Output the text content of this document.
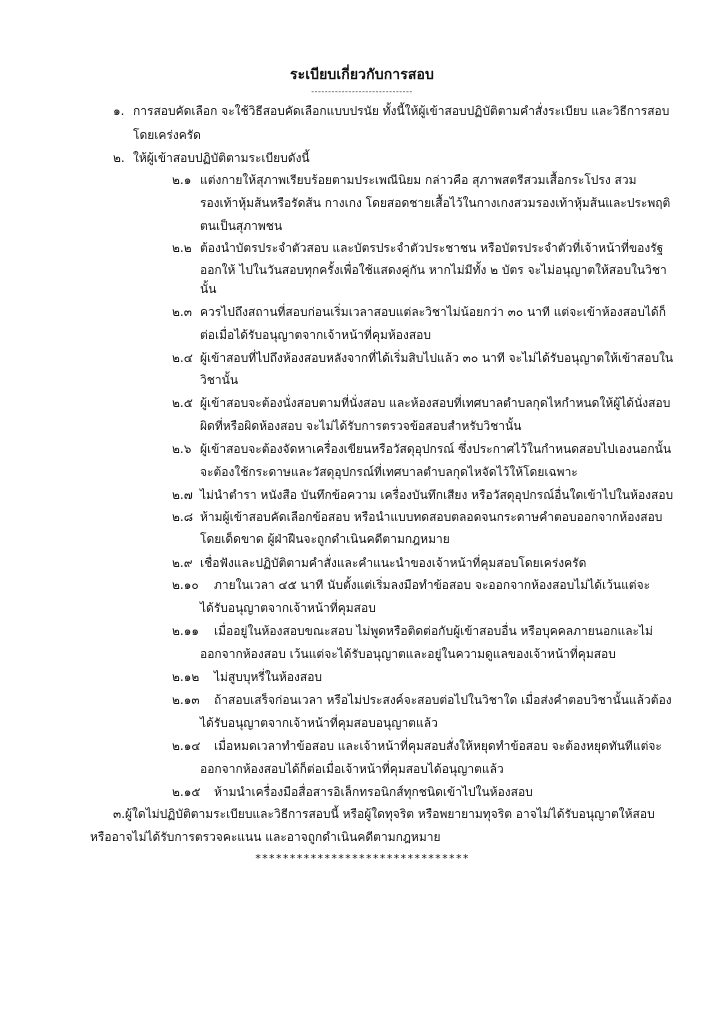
ระเบียบเกี่ยวกับการสอบ
------------------------------
๑. การสอบคัดเลือก จะใช้วิธีสอบคัดเลือกแบบปรนัย ทั้งนี้ให้ผู้เข้าสอบปฏิบัติตามคำสั่งระเบียบ และวิธีการสอบ
โดยเคร่งครัด
๒. ให้ผู้เข้าสอบปฏิบัติตามระเบียบดังนี้
๒.๑ แต่งกายให้สุภาพเรียบร้อยตามประเพณีนิยม กล่าวคือ สุภาพสตรีสวมเสื้อกระโปรง สวม
รองเท้าหุ้มส้นหรือรัดส้น กางเกง โดยสอดชายเสื้อไว้ในกางเกงสวมรองเท้าหุ้มส้นและประพฤติ
ตนเป็นสุภาพชน
๒.๒ ต้องนำบัตรประจำตัวสอบ และบัตรประจำตัวประชาชน หรือบัตรประจำตัวที่เจ้าหน้าที่ของรัฐ
ออกให้ ไปในวันสอบทุกครั้งเพื่อใช้แสดงคู่กัน หากไม่มีทั้ง ๒ บัตร จะไม่อนุญาตให้สอบในวิชา
นั้น
๒.๓ ควรไปถึงสถานที่สอบก่อนเริ่มเวลาสอบแต่ละวิชาไม่น้อยกว่า ๓๐ นาที แต่จะเข้าห้องสอบได้ก็
ต่อเมื่อได้รับอนุญาตจากเจ้าหน้าที่คุมห้องสอบ
๒.๔ ผู้เข้าสอบที่ไปถึงห้องสอบหลังจากที่ได้เริ่มสิบไปแล้ว ๓๐ นาที จะไม่ได้รับอนุญาตให้เข้าสอบใน
วิชานั้น
๒.๕ ผู้เข้าสอบจะต้องนั่งสอบตามที่นั่งสอบ และห้องสอบที่เทศบาลตำบลกุดไหกำหนดให้ผู้ได้นั่งสอบ
ผิดที่หรือผิดห้องสอบ จะไม่ได้รับการตรวจข้อสอบสำหรับวิชานั้น
๒.๖ ผู้เข้าสอบจะต้องจัดหาเครื่องเขียนหรือวัสดุอุปกรณ์ ซึ่งประกาศไว้ในกำหนดสอบไปเองนอกนั้น
จะต้องใช้กระดาษและวัสดุอุปกรณ์ที่เทศบาลตำบลกุดไหจัดไว้ให้โดยเฉพาะ
๒.๗ ไม่นำตำรา หนังสือ บันทึกข้อความ เครื่องบันทึกเสียง หรือวัสดุอุปกรณ์อื่นใดเข้าไปในห้องสอบ
๒.๘ ห้ามผู้เข้าสอบคัดเลือกข้อสอบ หรือนำแบบทดสอบตลอดจนกระดาษคำตอบออกจากห้องสอบ
โดยเด็ดขาด ผู้ฝ่าฝืนจะถูกดำเนินคดีตามกฎหมาย
๒.๙ เชื่อฟังและปฏิบัติตามคำสั่งและคำแนะนำของเจ้าหน้าที่คุมสอบโดยเคร่งครัด
๒.๑๐ ภายในเวลา ๔๕ นาที นับตั้งแต่เริ่มลงมือทำข้อสอบ จะออกจากห้องสอบไม่ได้เว้นแต่จะ
ได้รับอนุญาตจากเจ้าหน้าที่คุมสอบ
๒.๑๑ เมื่ออยู่ในห้องสอบขณะสอบ ไม่พูดหรือติดต่อกับผู้เข้าสอบอื่น หรือบุคคลภายนอกและไม่
ออกจากห้องสอบ เว้นแต่จะได้รับอนุญาตและอยู่ในความดูแลของเจ้าหน้าที่คุมสอบ
๒.๑๒ ไม่สูบบุหรี่ในห้องสอบ
๒.๑๓ ถ้าสอบเสร็จก่อนเวลา หรือไม่ประสงค์จะสอบต่อไปในวิชาใด เมื่อส่งคำตอบวิชานั้นแล้วต้อง
ได้รับอนุญาตจากเจ้าหน้าที่คุมสอบอนุญาตแล้ว
๒.๑๔ เมื่อหมดเวลาทำข้อสอบ และเจ้าหน้าที่คุมสอบสั่งให้หยุดทำข้อสอบ จะต้องหยุดทันทีแต่จะ
ออกจากห้องสอบได้ก็ต่อเมื่อเจ้าหน้าที่คุมสอบได้อนุญาตแล้ว
๒.๑๕ ห้ามนำเครื่องมือสื่อสารอิเล็กทรอนิกส์ทุกชนิดเข้าไปในห้องสอบ
๓.ผู้ใดไม่ปฏิบัติตามระเบียบและวิธีการสอบนี้ หรือผู้ใดทุจริต หรือพยายามทุจริต อาจไม่ได้รับอนุญาตให้สอบ
หรืออาจไม่ได้รับการตรวจคะแนน และอาจถูกดำเนินคดีตามกฎหมาย
*******************************
